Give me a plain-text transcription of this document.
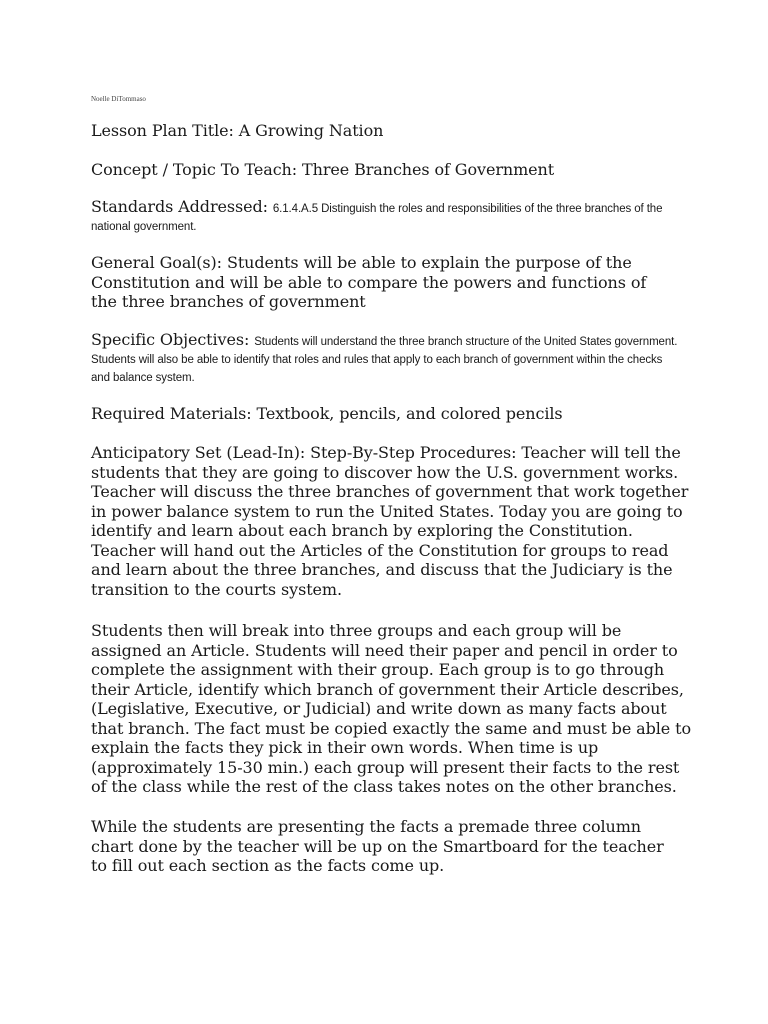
Noelle DiTommaso

Lesson Plan Title: A Growing Nation

Concept / Topic To Teach: Three Branches of Government

Standards Addressed: 6.1.4.A.5 Distinguish the roles and responsibilities of the three branches of the national government.

General Goal(s): Students will be able to explain the purpose of the Constitution and will be able to compare the powers and functions of the three branches of government

Specific Objectives: Students will understand the three branch structure of the United States government. Students will also be able to identify that roles and rules that apply to each branch of government within the checks and balance system.

Required Materials: Textbook, pencils, and colored pencils

Anticipatory Set (Lead-In): Step-By-Step Procedures: Teacher will tell the students that they are going to discover how the U.S. government works. Teacher will discuss the three branches of government that work together in power balance system to run the United States. Today you are going to identify and learn about each branch by exploring the Constitution. Teacher will hand out the Articles of the Constitution for groups to read and learn about the three branches, and discuss that the Judiciary is the transition to the courts system.

Students then will break into three groups and each group will be assigned an Article. Students will need their paper and pencil in order to complete the assignment with their group. Each group is to go through their Article, identify which branch of government their Article describes, (Legislative, Executive, or Judicial) and write down as many facts about that branch. The fact must be copied exactly the same and must be able to explain the facts they pick in their own words. When time is up (approximately 15-30 min.) each group will present their facts to the rest of the class while the rest of the class takes notes on the other branches.

While the students are presenting the facts a premade three column chart done by the teacher will be up on the Smartboard for the teacher to fill out each section as the facts come up.
